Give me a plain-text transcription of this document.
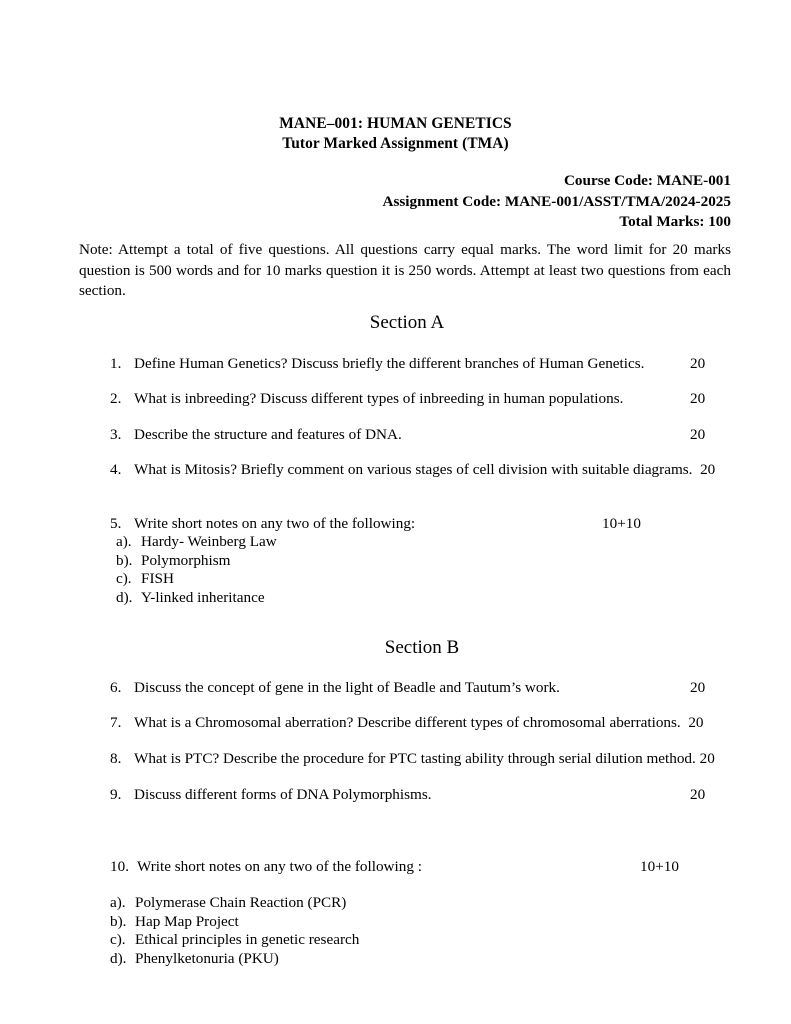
MANE–001: HUMAN GENETICS
Tutor Marked Assignment (TMA)
Course Code: MANE-001
Assignment Code: MANE-001/ASST/TMA/2024-2025
Total Marks: 100
Note: Attempt a total of five questions. All questions carry equal marks. The word limit for 20 marks question is 500 words and for 10 marks question it is 250 words. Attempt at least two questions from each section.
Section A
1. Define Human Genetics? Discuss briefly the different branches of Human Genetics.	20
2. What is inbreeding? Discuss different types of inbreeding in human populations.	20
3. Describe the structure and features of DNA.	20
4. What is Mitosis? Briefly comment on various stages of cell division with suitable diagrams. 20
5. Write short notes on any two of the following:	10+10
a). Hardy- Weinberg Law
b). Polymorphism
c). FISH
d). Y-linked inheritance
Section B
6. Discuss the concept of gene in the light of Beadle and Tautum’s work.	20
7. What is a Chromosomal aberration? Describe different types of chromosomal aberrations. 20
8. What is PTC? Describe the procedure for PTC tasting ability through serial dilution method. 20
9. Discuss different forms of DNA Polymorphisms.	20
10. Write short notes on any two of the following :	10+10
a). Polymerase Chain Reaction (PCR)
b). Hap Map Project
c). Ethical principles in genetic research
d). Phenylketonuria (PKU)
